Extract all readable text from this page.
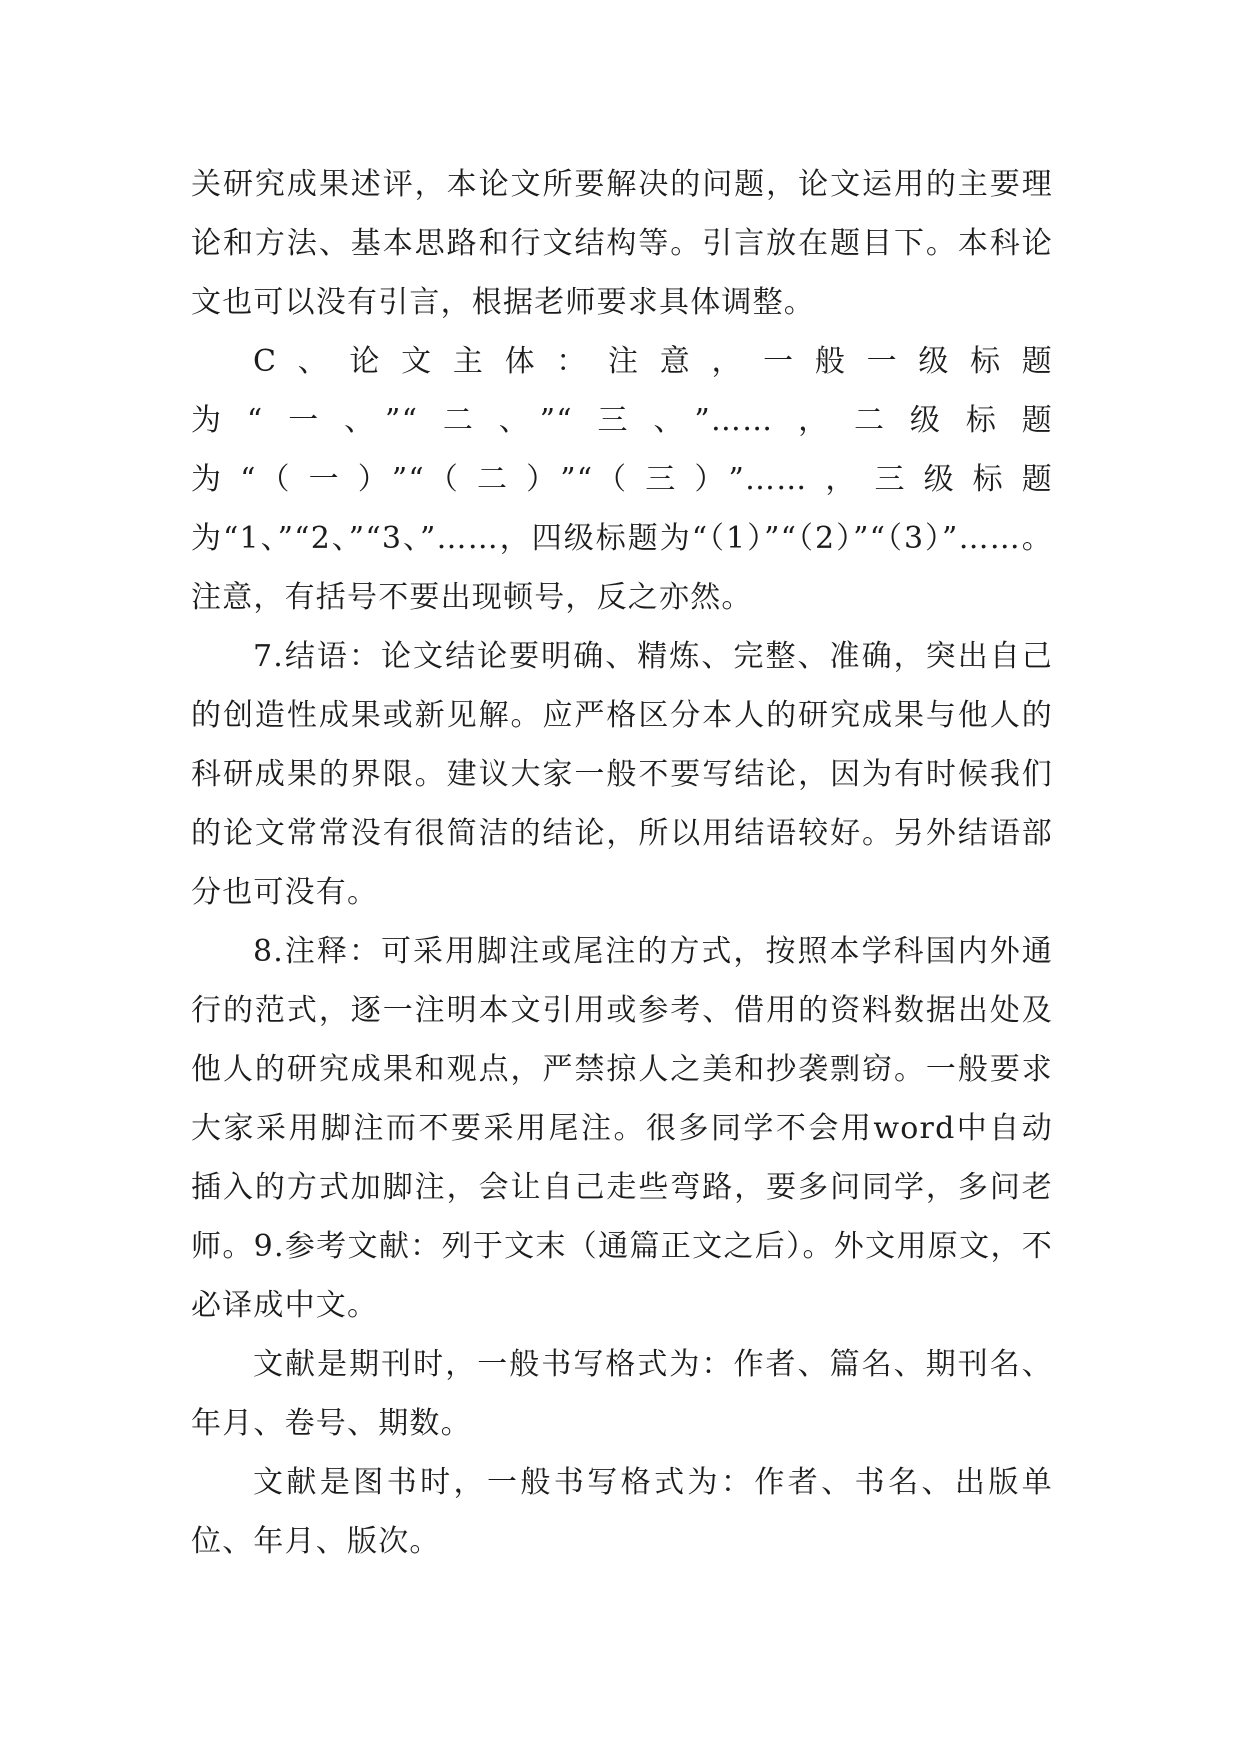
关研究成果述评，本论文所要解决的问题，论文运用的主要理论和方法、基本思路和行文结构等。引言放在题目下。本科论文也可以没有引言，根据老师要求具体调整。

C、论文主体：注意，一般一级标题为“一、”“二、”“三、”……，二级标题为“（一）”“（二）”“（三）”……，三级标题为“1、”“2、”“3、”……，四级标题为“（1）”“（2）”“（3）”……。注意，有括号不要出现顿号，反之亦然。

7.结语：论文结论要明确、精炼、完整、准确，突出自己的创造性成果或新见解。应严格区分本人的研究成果与他人的科研成果的界限。建议大家一般不要写结论，因为有时候我们的论文常常没有很简洁的结论，所以用结语较好。另外结语部分也可没有。

8.注释：可采用脚注或尾注的方式，按照本学科国内外通行的范式，逐一注明本文引用或参考、借用的资料数据出处及他人的研究成果和观点，严禁掠人之美和抄袭剽窃。一般要求大家采用脚注而不要采用尾注。很多同学不会用word中自动插入的方式加脚注，会让自己走些弯路，要多问同学，多问老师。9.参考文献：列于文末（通篇正文之后）。外文用原文，不必译成中文。

文献是期刊时，一般书写格式为：作者、篇名、期刊名、年月、卷号、期数。

文献是图书时，一般书写格式为：作者、书名、出版单位、年月、版次。
